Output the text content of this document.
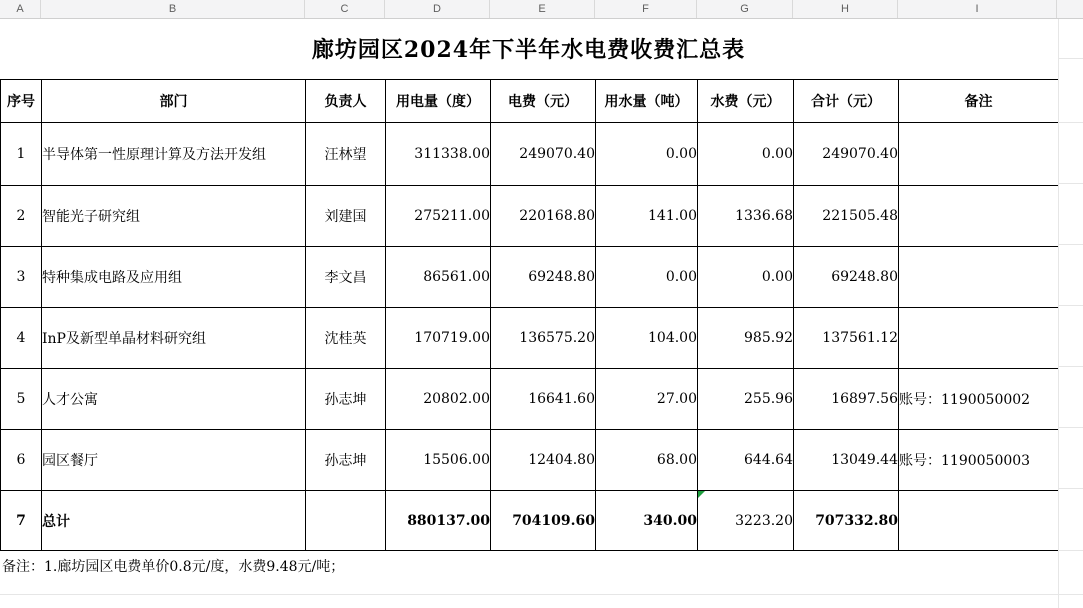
A	B	C	D	E	F	G	H	I
廊坊园区2024年下半年水电费收费汇总表
序号	部门	负责人	用电量（度）	电费（元）	用水量（吨）	水费（元）	合计（元）	备注
1	半导体第一性原理计算及方法开发组	汪林望	311338.00	249070.40	0.00	0.00	249070.40	
2	智能光子研究组	刘建国	275211.00	220168.80	141.00	1336.68	221505.48	
3	特种集成电路及应用组	李文昌	86561.00	69248.80	0.00	0.00	69248.80	
4	InP及新型单晶材料研究组	沈桂英	170719.00	136575.20	104.00	985.92	137561.12	
5	人才公寓	孙志坤	20802.00	16641.60	27.00	255.96	16897.56	账号：1190050002
6	园区餐厅	孙志坤	15506.00	12404.80	68.00	644.64	13049.44	账号：1190050003
7	总计		880137.00	704109.60	340.00	3223.20	707332.80	
备注：1.廊坊园区电费单价0.8元/度，水费9.48元/吨；
